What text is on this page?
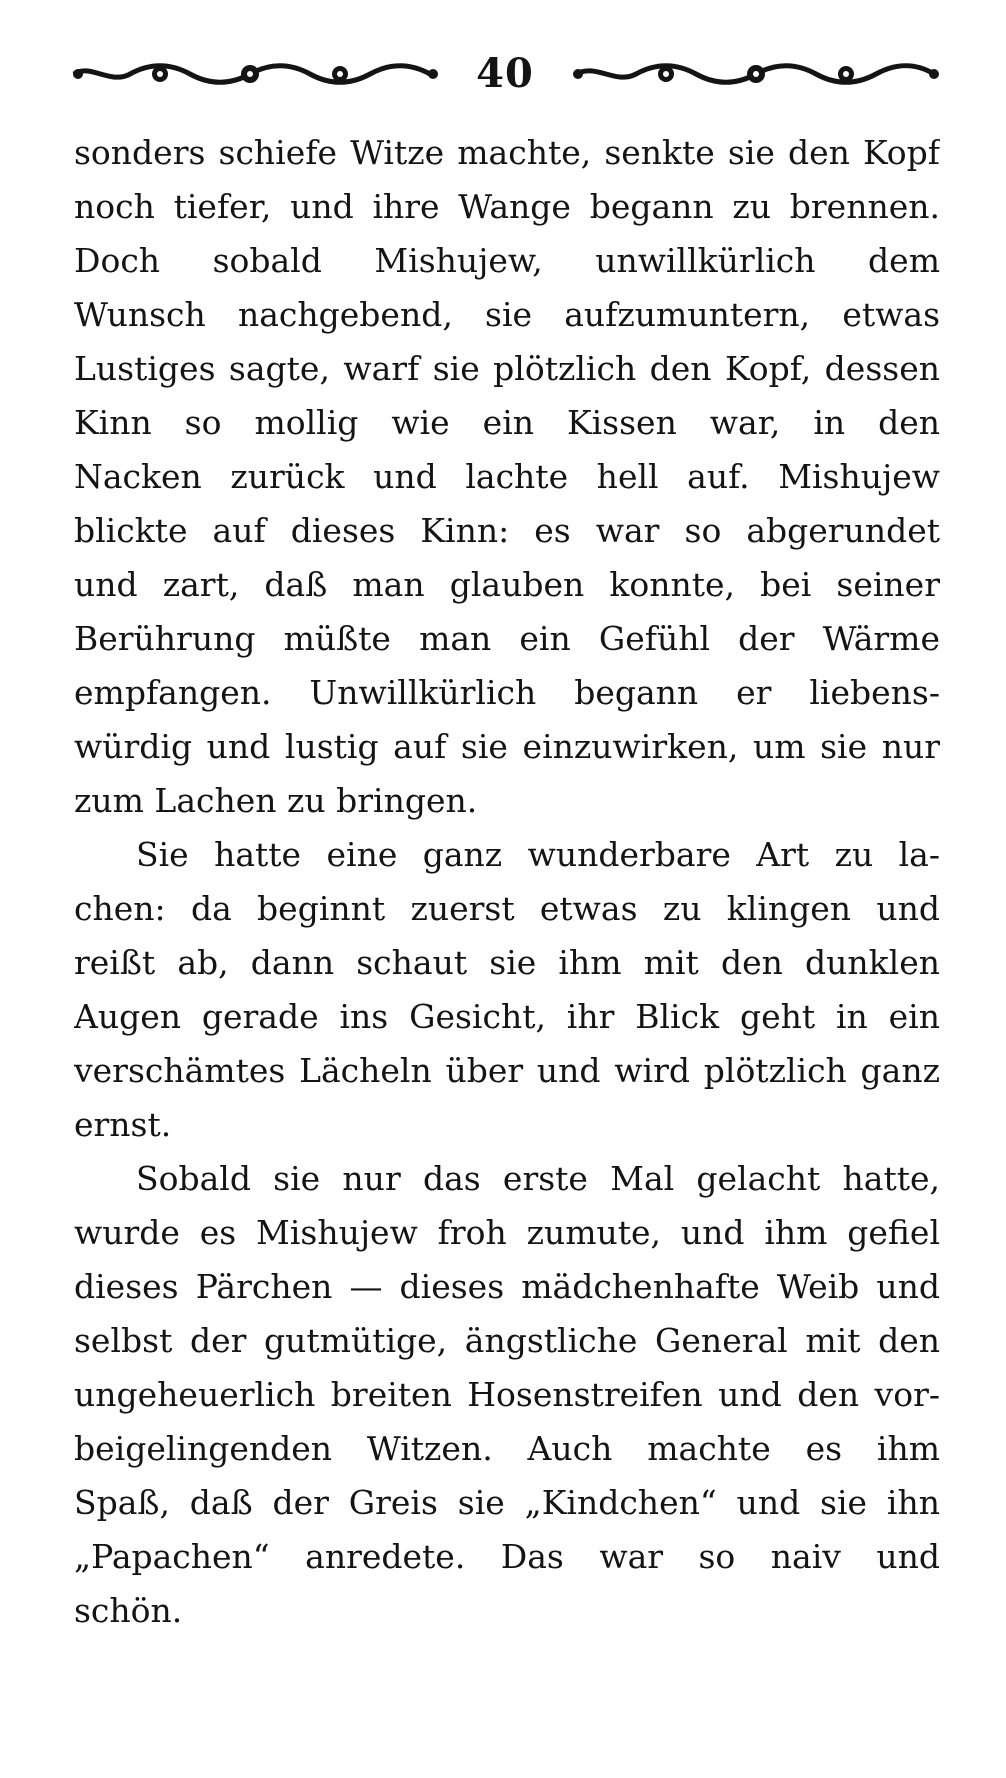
40
sonders schiefe Witze machte, senkte sie den Kopf
noch tiefer, und ihre Wange begann zu brennen.
Doch sobald Mishujew, unwillkürlich dem
Wunsch nachgebend, sie aufzumuntern, etwas
Lustiges sagte, warf sie plötzlich den Kopf, dessen
Kinn so mollig wie ein Kissen war, in den
Nacken zurück und lachte hell auf. Mishujew
blickte auf dieses Kinn: es war so abgerundet
und zart, daß man glauben konnte, bei seiner
Berührung müßte man ein Gefühl der Wärme
empfangen. Unwillkürlich begann er liebens-
würdig und lustig auf sie einzuwirken, um sie nur
zum Lachen zu bringen.
Sie hatte eine ganz wunderbare Art zu la-
chen: da beginnt zuerst etwas zu klingen und
reißt ab, dann schaut sie ihm mit den dunklen
Augen gerade ins Gesicht, ihr Blick geht in ein
verschämtes Lächeln über und wird plötzlich ganz
ernst.
Sobald sie nur das erste Mal gelacht hatte,
wurde es Mishujew froh zumute, und ihm gefiel
dieses Pärchen — dieses mädchenhafte Weib und
selbst der gutmütige, ängstliche General mit den
ungeheuerlich breiten Hosenstreifen und den vor-
beigelingenden Witzen. Auch machte es ihm
Spaß, daß der Greis sie „Kindchen“ und sie ihn
„Papachen“ anredete. Das war so naiv und
schön.
